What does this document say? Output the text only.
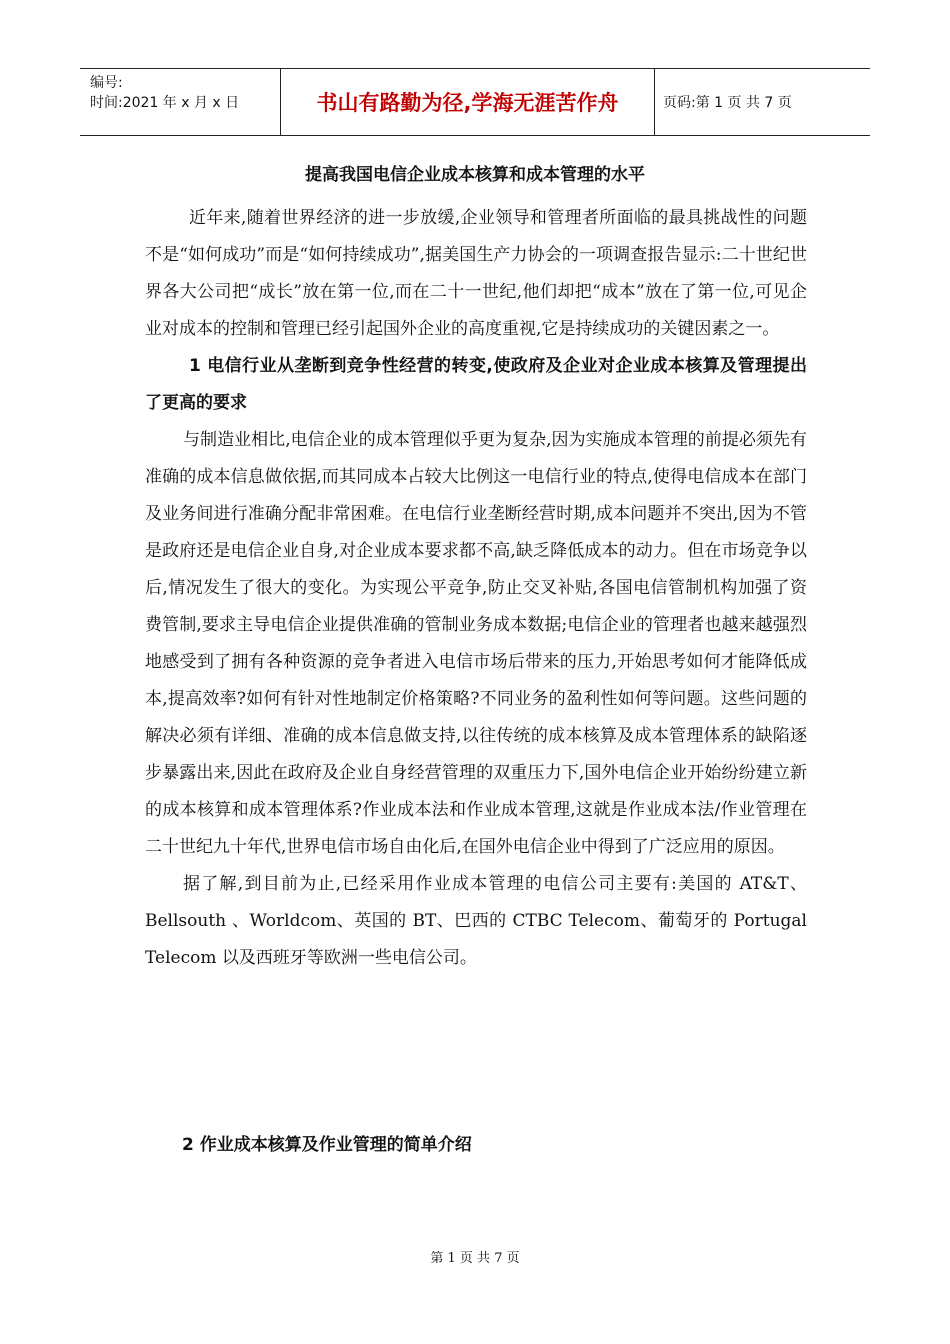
编号:
时间:2021 年 x 月 x 日	书山有路勤为径,学海无涯苦作舟	页码:第 1 页 共 7 页
提高我国电信企业成本核算和成本管理的水平

近年来,随着世界经济的进一步放缓,企业领导和管理者所面临的最具挑战性的问题不是“如何成功”而是“如何持续成功”,据美国生产力协会的一项调查报告显示:二十世纪世界各大公司把“成长”放在第一位,而在二十一世纪,他们却把“成本”放在了第一位,可见企业对成本的控制和管理已经引起国外企业的高度重视,它是持续成功的关键因素之一。

1 电信行业从垄断到竞争性经营的转变,使政府及企业对企业成本核算及管理提出了更高的要求

与制造业相比,电信企业的成本管理似乎更为复杂,因为实施成本管理的前提必须先有准确的成本信息做依据,而其同成本占较大比例这一电信行业的特点,使得电信成本在部门及业务间进行准确分配非常困难。在电信行业垄断经营时期,成本问题并不突出,因为不管是政府还是电信企业自身,对企业成本要求都不高,缺乏降低成本的动力。但在市场竞争以后,情况发生了很大的变化。为实现公平竞争,防止交叉补贴,各国电信管制机构加强了资费管制,要求主导电信企业提供准确的管制业务成本数据;电信企业的管理者也越来越强烈地感受到了拥有各种资源的竞争者进入电信市场后带来的压力,开始思考如何才能降低成本,提高效率?如何有针对性地制定价格策略?不同业务的盈利性如何等问题。这些问题的解决必须有详细、准确的成本信息做支持,以往传统的成本核算及成本管理体系的缺陷逐步暴露出来,因此在政府及企业自身经营管理的双重压力下,国外电信企业开始纷纷建立新的成本核算和成本管理体系?作业成本法和作业成本管理,这就是作业成本法/作业管理在二十世纪九十年代,世界电信市场自由化后,在国外电信企业中得到了广泛应用的原因。

据了解,到目前为止,已经采用作业成本管理的电信公司主要有:美国的 AT&T、Bellsouth 、Worldcom、英国的 BT、巴西的 CTBC Telecom、葡萄牙的 Portugal Telecom 以及西班牙等欧洲一些电信公司。

2 作业成本核算及作业管理的简单介绍
第 1 页 共 7 页
